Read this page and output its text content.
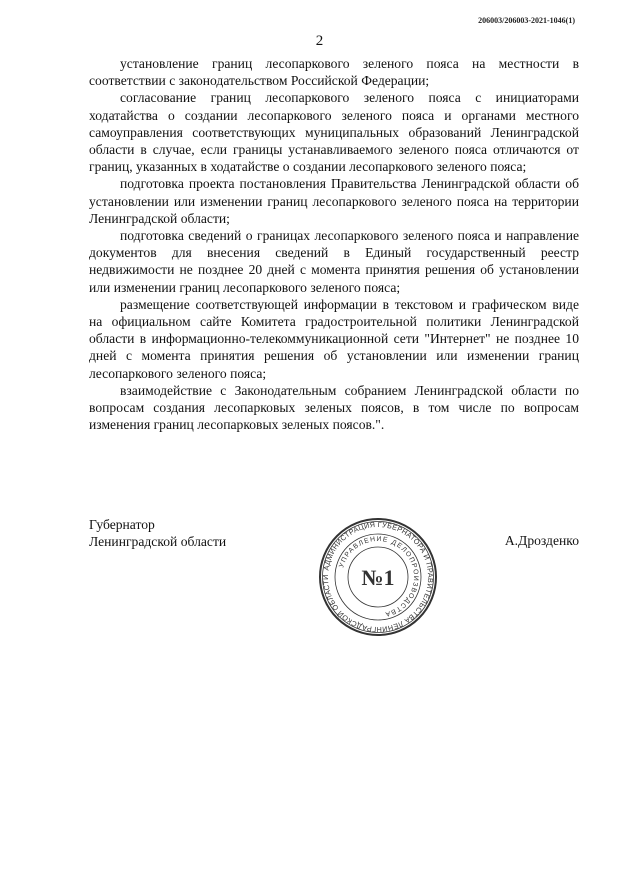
206003/206003-2021-1046(1)
2

установление границ лесопаркового зеленого пояса на местности в соответствии с законодательством Российской Федерации;

согласование границ лесопаркового зеленого пояса с инициаторами ходатайства о создании лесопаркового зеленого пояса и органами местного самоуправления соответствующих муниципальных образований Ленинградской области в случае, если границы устанавливаемого зеленого пояса отличаются от границ, указанных в ходатайстве о создании лесопаркового зеленого пояса;

подготовка проекта постановления Правительства Ленинградской области об установлении или изменении границ лесопаркового зеленого пояса на территории Ленинградской области;

подготовка сведений о границах лесопаркового зеленого пояса и направление документов для внесения сведений в Единый государственный реестр недвижимости не позднее 20 дней с момента принятия решения об установлении или изменении границ лесопаркового зеленого пояса;

размещение соответствующей информации в текстовом и графическом виде на официальном сайте Комитета градостроительной политики Ленинградской области в информационно-телекоммуникационной сети "Интернет" не позднее 10 дней с момента принятия решения об установлении или изменении границ лесопаркового зеленого пояса;

взаимодействие с Законодательным собранием Ленинградской области по вопросам создания лесопарковых зеленых поясов, в том числе по вопросам изменения границ лесопарковых зеленых поясов.".

Губернатор
Ленинградской области	А.Дрозденко
АДМИНИСТРАЦИЯ ГУБЕРНАТОРА И ПРАВИТЕЛЬСТВА ЛЕНИНГРАДСКОЙ ОБЛАСТИ
УПРАВЛЕНИЕ ДЕЛОПРОИЗВОДСТВА
№1
